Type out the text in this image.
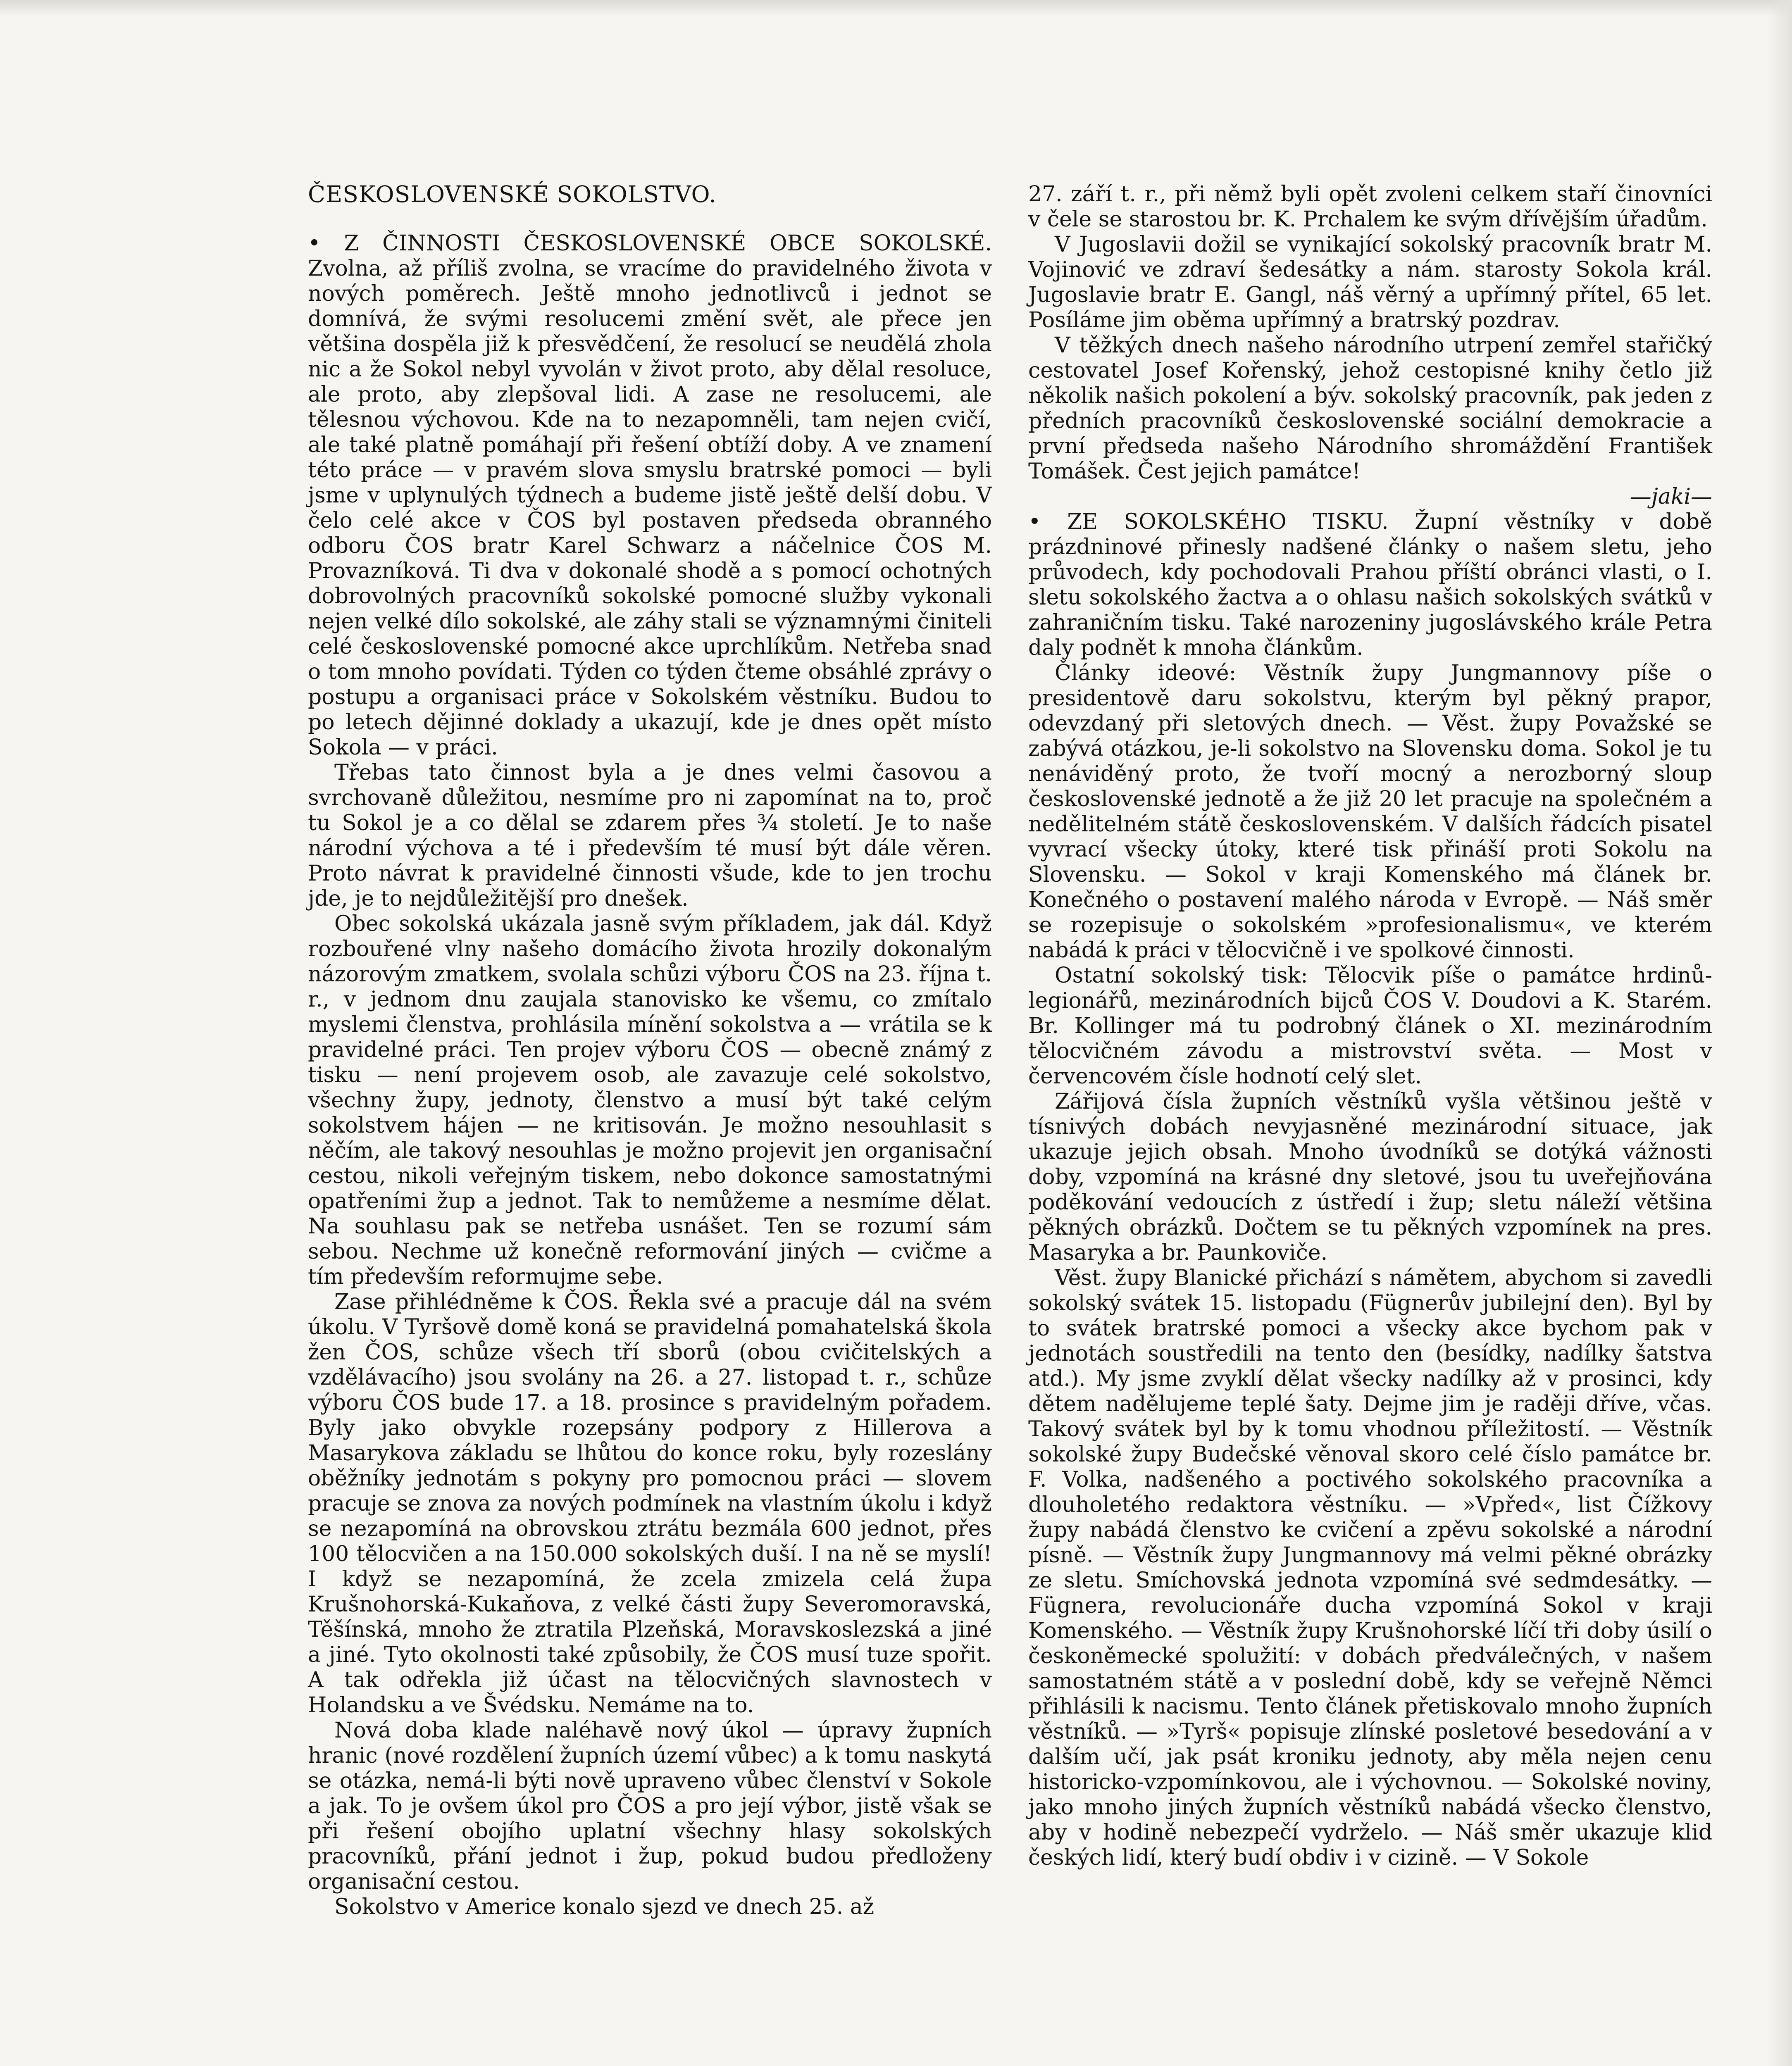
ČESKOSLOVENSKÉ SOKOLSTVO.

• Z ČINNOSTI ČESKOSLOVENSKÉ OBCE SOKOLSKÉ. Zvolna, až příliš zvolna, se vracíme do pravidelného života v nových poměrech. Ještě mnoho jednotlivců i jednot se domnívá, že svými resolucemi změní svět, ale přece jen většina dospěla již k přesvědčení, že resolucí se neudělá zhola nic a že Sokol nebyl vyvolán v život proto, aby dělal resoluce, ale proto, aby zlepšoval lidi. A zase ne resolucemi, ale tělesnou výchovou. Kde na to nezapomněli, tam nejen cvičí, ale také platně pomáhají při řešení obtíží doby. A ve znamení této práce — v pravém slova smyslu bratrské pomoci — byli jsme v uplynulých týdnech a budeme jistě ještě delší dobu. V čelo celé akce v ČOS byl postaven předseda obranného odboru ČOS bratr Karel Schwarz a náčelnice ČOS M. Provazníková. Ti dva v dokonalé shodě a s pomocí ochotných dobrovolných pracovníků sokolské pomocné služby vykonali nejen velké dílo sokolské, ale záhy stali se významnými činiteli celé československé pomocné akce uprchlíkům. Netřeba snad o tom mnoho povídati. Týden co týden čteme obsáhlé zprávy o postupu a organisaci práce v Sokolském věstníku. Budou to po letech dějinné doklady a ukazují, kde je dnes opět místo Sokola — v práci.

Třebas tato činnost byla a je dnes velmi časovou a svrchovaně důležitou, nesmíme pro ni zapomínat na to, proč tu Sokol je a co dělal se zdarem přes ¾ století. Je to naše národní výchova a té i především té musí být dále věren. Proto návrat k pravidelné činnosti všude, kde to jen trochu jde, je to nejdůležitější pro dnešek.

Obec sokolská ukázala jasně svým příkladem, jak dál. Když rozbouřené vlny našeho domácího života hrozily dokonalým názorovým zmatkem, svolala schůzi výboru ČOS na 23. října t. r., v jednom dnu zaujala stanovisko ke všemu, co zmítalo myslemi členstva, prohlásila mínění sokolstva a — vrátila se k pravidelné práci. Ten projev výboru ČOS — obecně známý z tisku — není projevem osob, ale zavazuje celé sokolstvo, všechny župy, jednoty, členstvo a musí být také celým sokolstvem hájen — ne kritisován. Je možno nesouhlasit s něčím, ale takový nesouhlas je možno projevit jen organisační cestou, nikoli veřejným tiskem, nebo dokonce samostatnými opatřeními žup a jednot. Tak to nemůžeme a nesmíme dělat. Na souhlasu pak se netřeba usnášet. Ten se rozumí sám sebou. Nechme už konečně reformování jiných — cvičme a tím především reformujme sebe.

Zase přihlédněme k ČOS. Řekla své a pracuje dál na svém úkolu. V Tyršově domě koná se pravidelná pomahatelská škola žen ČOS, schůze všech tří sborů (obou cvičitelských a vzdělávacího) jsou svolány na 26. a 27. listopad t. r., schůze výboru ČOS bude 17. a 18. prosince s pravidelným pořadem. Byly jako obvykle rozepsány podpory z Hillerova a Masarykova základu se lhůtou do konce roku, byly rozeslány oběžníky jednotám s pokyny pro pomocnou práci — slovem pracuje se znova za nových podmínek na vlastním úkolu i když se nezapomíná na obrovskou ztrátu bezmála 600 jednot, přes 100 tělocvičen a na 150.000 sokolských duší. I na ně se myslí! I když se nezapomíná, že zcela zmizela celá župa Krušnohorská-Kukaňova, z velké části župy Severomoravská, Těšínská, mnoho že ztratila Plzeňská, Moravskoslezská a jiné a jiné. Tyto okolnosti také způsobily, že ČOS musí tuze spořit. A tak odřekla již účast na tělocvičných slavnostech v Holandsku a ve Švédsku. Nemáme na to.

Nová doba klade naléhavě nový úkol — úpravy župních hranic (nové rozdělení župních území vůbec) a k tomu naskytá se otázka, nemá-li býti nově upraveno vůbec členství v Sokole a jak. To je ovšem úkol pro ČOS a pro její výbor, jistě však se při řešení obojího uplatní všechny hlasy sokolských pracovníků, přání jednot i žup, pokud budou předloženy organisační cestou.

Sokolstvo v Americe konalo sjezd ve dnech 25. až

27. září t. r., při němž byli opět zvoleni celkem staří činovníci v čele se starostou br. K. Prchalem ke svým dřívějším úřadům.

V Jugoslavii dožil se vynikající sokolský pracovník bratr M. Vojinović ve zdraví šedesátky a nám. starosty Sokola král. Jugoslavie bratr E. Gangl, náš věrný a upřímný přítel, 65 let. Posíláme jim oběma upřímný a bratrský pozdrav.

V těžkých dnech našeho národního utrpení zemřel stařičký cestovatel Josef Kořenský, jehož cestopisné knihy četlo již několik našich pokolení a býv. sokolský pracovník, pak jeden z předních pracovníků československé sociální demokracie a první předseda našeho Národního shromáždění František Tomášek. Čest jejich památce!

—jaki—

• ZE SOKOLSKÉHO TISKU. Župní věstníky v době prázdninové přinesly nadšené články o našem sletu, jeho průvodech, kdy pochodovali Prahou příští obránci vlasti, o I. sletu sokolského žactva a o ohlasu našich sokolských svátků v zahraničním tisku. Také narozeniny jugoslávského krále Petra daly podnět k mnoha článkům.

Články ideové: Věstník župy Jungmannovy píše o presidentově daru sokolstvu, kterým byl pěkný prapor, odevzdaný při sletových dnech. — Věst. župy Považské se zabývá otázkou, je-li sokolstvo na Slovensku doma. Sokol je tu nenáviděný proto, že tvoří mocný a nerozborný sloup československé jednotě a že již 20 let pracuje na společném a nedělitelném státě československém. V dalších řádcích pisatel vyvrací všecky útoky, které tisk přináší proti Sokolu na Slovensku. — Sokol v kraji Komenského má článek br. Konečného o postavení malého národa v Evropě. — Náš směr se rozepisuje o sokolském »profesionalismu«, ve kterém nabádá k práci v tělocvičně i ve spolkové činnosti.

Ostatní sokolský tisk: Tělocvik píše o památce hrdinů-legionářů, mezinárodních bijců ČOS V. Doudovi a K. Starém. Br. Kollinger má tu podrobný článek o XI. mezinárodním tělocvičném závodu a mistrovství světa. — Most v červencovém čísle hodnotí celý slet.

Zářijová čísla župních věstníků vyšla většinou ještě v tísnivých dobách nevyjasněné mezinárodní situace, jak ukazuje jejich obsah. Mnoho úvodníků se dotýká vážnosti doby, vzpomíná na krásné dny sletové, jsou tu uveřejňována poděkování vedoucích z ústředí i žup; sletu náleží většina pěkných obrázků. Dočtem se tu pěkných vzpomínek na pres. Masaryka a br. Paunkoviče.

Věst. župy Blanické přichází s námětem, abychom si zavedli sokolský svátek 15. listopadu (Fügnerův jubilejní den). Byl by to svátek bratrské pomoci a všecky akce bychom pak v jednotách soustředili na tento den (besídky, nadílky šatstva atd.). My jsme zvyklí dělat všecky nadílky až v prosinci, kdy dětem nadělujeme teplé šaty. Dejme jim je raději dříve, včas. Takový svátek byl by k tomu vhodnou příležitostí. — Věstník sokolské župy Budečské věnoval skoro celé číslo památce br. F. Volka, nadšeného a poctivého sokolského pracovníka a dlouholetého redaktora věstníku. — »Vpřed«, list Čížkovy župy nabádá členstvo ke cvičení a zpěvu sokolské a národní písně. — Věstník župy Jungmannovy má velmi pěkné obrázky ze sletu. Smíchovská jednota vzpomíná své sedmdesátky. — Fügnera, revolucionáře ducha vzpomíná Sokol v kraji Komenského. — Věstník župy Krušnohorské líčí tři doby úsilí o českoněmecké spolužití: v dobách předválečných, v našem samostatném státě a v poslední době, kdy se veřejně Němci přihlásili k nacismu. Tento článek přetiskovalo mnoho župních věstníků. — »Tyrš« popisuje zlínské posletové besedování a v dalším učí, jak psát kroniku jednoty, aby měla nejen cenu historicko-vzpomínkovou, ale i výchovnou. — Sokolské noviny, jako mnoho jiných župních věstníků nabádá všecko členstvo, aby v hodině nebezpečí vydrželo. — Náš směr ukazuje klid českých lidí, který budí obdiv i v cizině. — V Sokole
